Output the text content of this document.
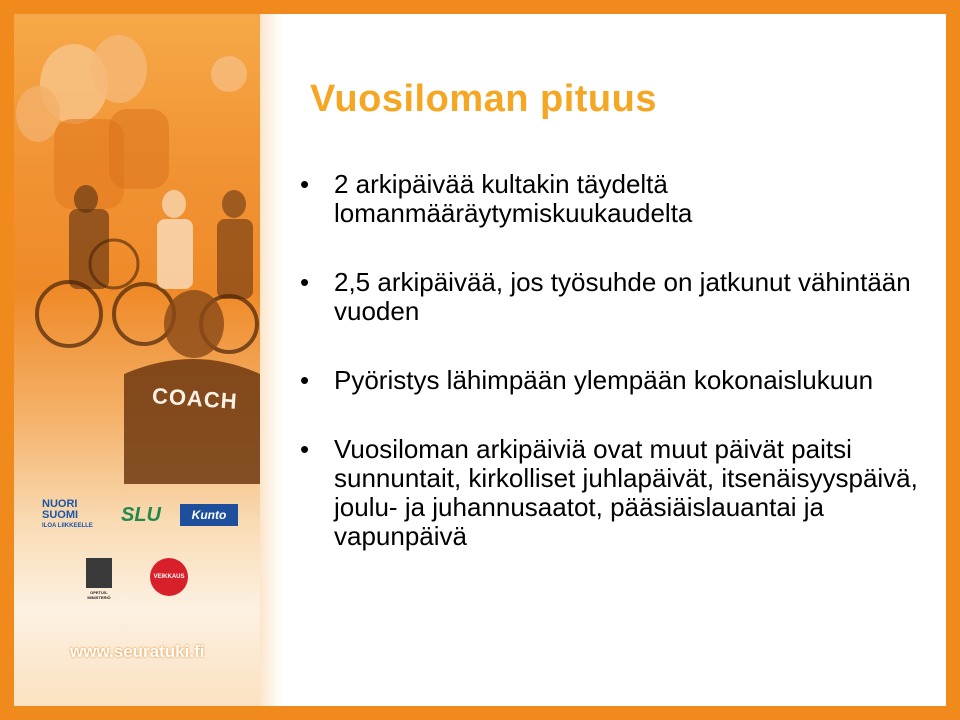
COACH
NUORI
SUOMI
ILOA LIIKKEELLE SLU	Kunto
OPETUS-
MINISTERIÖ
VEIKKAUS
www.seuratuki.fi
Vuosiloman pituus
• 2 arkipäivää kultakin täydeltä lomanmääräytymiskuukaudelta
• 2,5 arkipäivää, jos työsuhde on jatkunut vähintään vuoden
• Pyöristys lähimpään ylempään kokonaislukuun
• Vuosiloman arkipäiviä ovat muut päivät paitsi sunnuntait, kirkolliset juhlapäivät, itsenäisyyspäivä, joulu- ja juhannusaatot, pääsiäislauantai ja vapunpäivä
